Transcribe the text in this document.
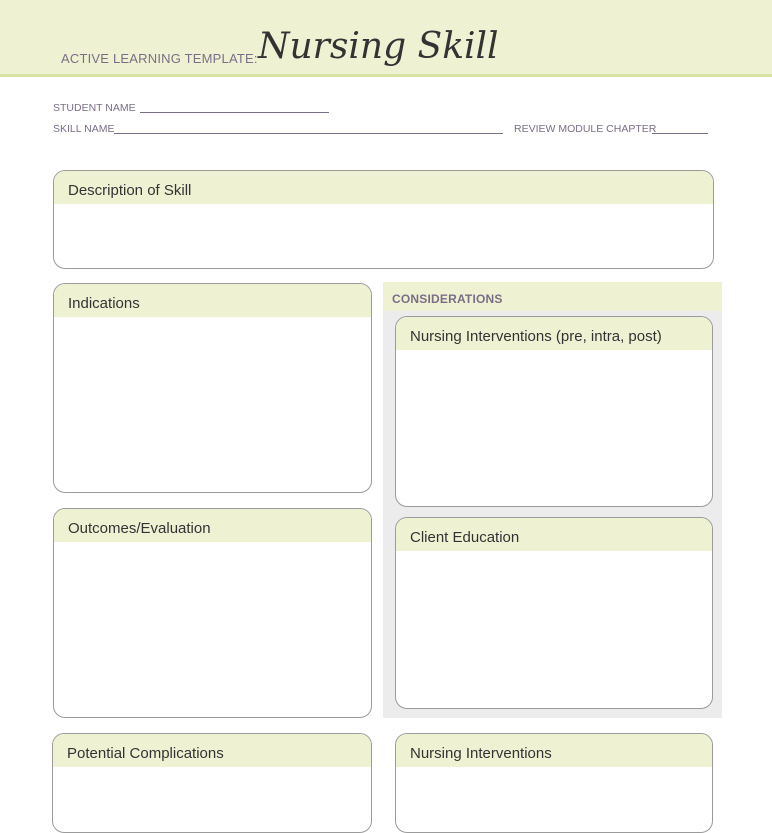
ACTIVE LEARNING TEMPLATE: Nursing Skill
STUDENT NAME
SKILL NAME	REVIEW MODULE CHAPTER
Description of Skill
Indications
Outcomes/Evaluation
CONSIDERATIONS
Nursing Interventions (pre, intra, post)
Client Education
Potential Complications	Nursing Interventions
